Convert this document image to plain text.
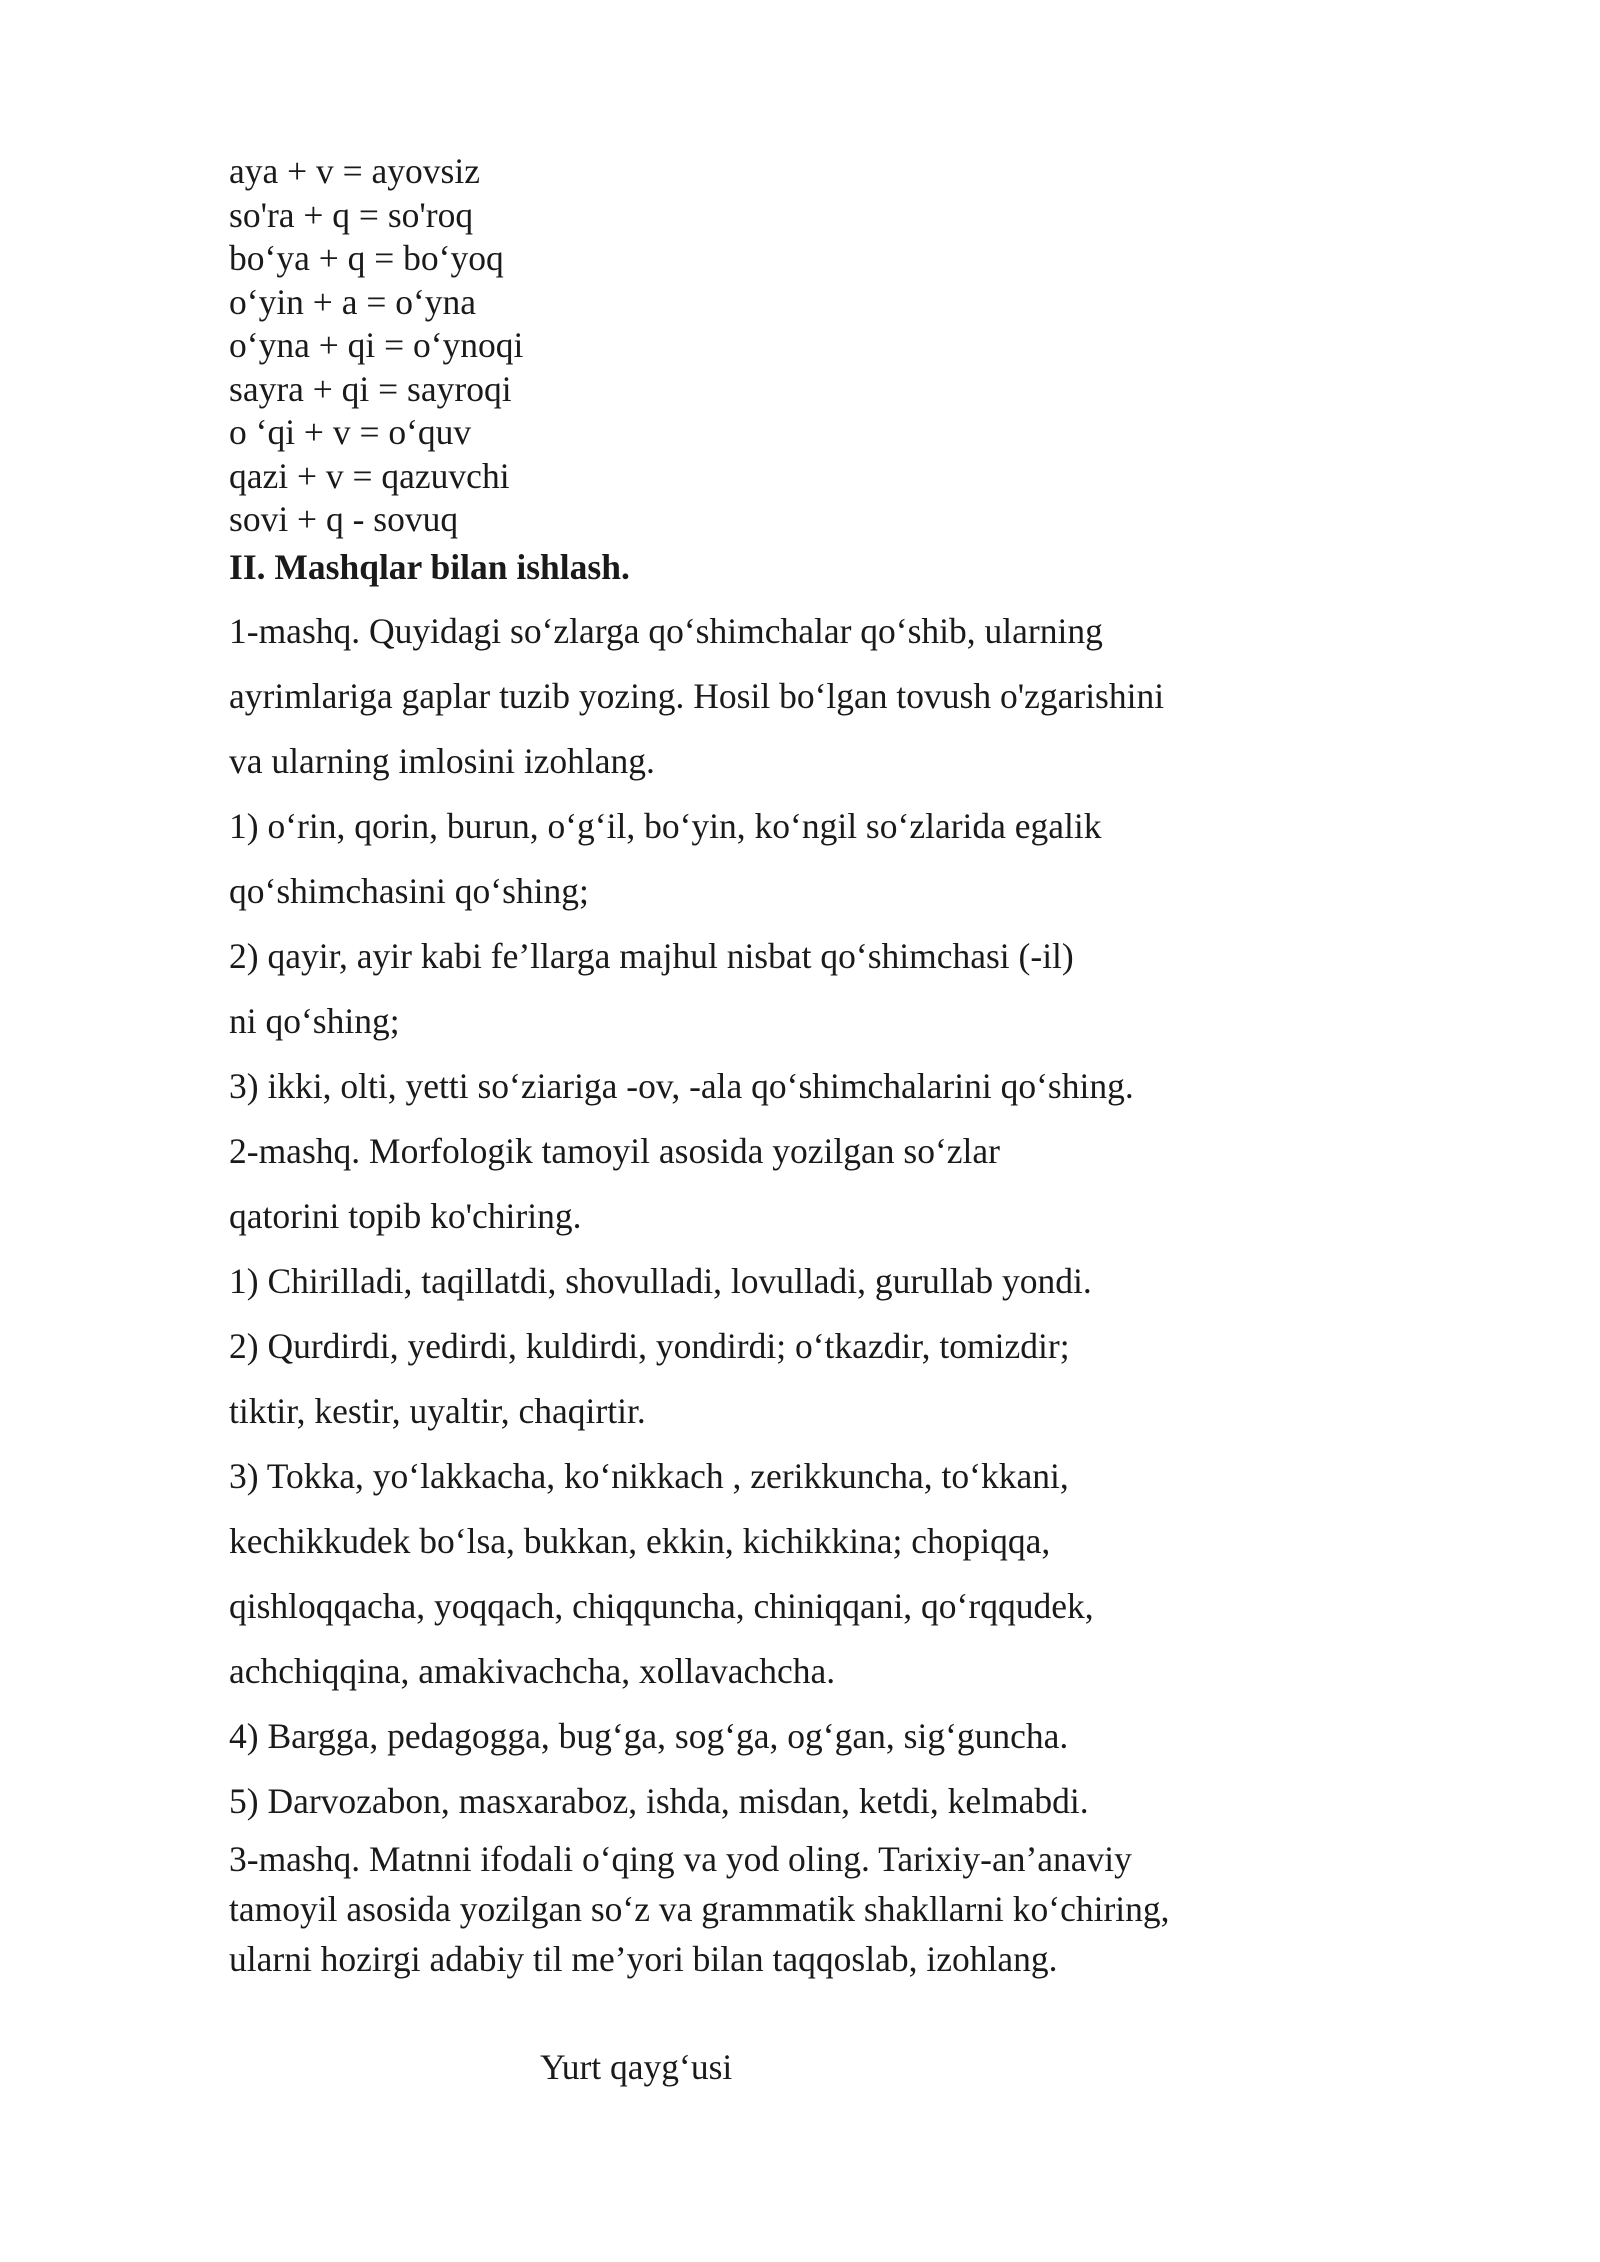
aya + v = ayovsiz
so'ra + q = so'roq
bo‘ya + q = bo‘yoq
o‘yin + a = o‘yna
o‘yna + qi = o‘ynoqi
sayra + qi = sayroqi
o ‘qi + v = o‘quv
qazi + v = qazuvchi
sovi + q - sovuq
II. Mashqlar bilan ishlash.
1-mashq. Quyidagi so‘zlarga qo‘shimchalar qo‘shib, ularning
ayrimlariga gaplar tuzib yozing. Hosil bo‘lgan tovush o'zgarishini
va ularning imlosini izohlang.
1) o‘rin, qorin, burun, o‘g‘il, bo‘yin, ko‘ngil so‘zlarida egalik
qo‘shimchasini qo‘shing;
2) qayir, ayir kabi fe’llarga majhul nisbat qo‘shimchasi (-il)
ni qo‘shing;
3) ikki, olti, yetti so‘ziariga -ov, -ala qo‘shimchalarini qo‘shing.
2-mashq. Morfologik tamoyil asosida yozilgan so‘zlar
qatorini topib ko'chiring.
1) Chirilladi, taqillatdi, shovulladi, lovulladi, gurullab yondi.
2) Qurdirdi, yedirdi, kuldirdi, yondirdi; o‘tkazdir, tomizdir;
tiktir, kestir, uyaltir, chaqirtir.
3) Tokka, yo‘lakkacha, ko‘nikkach , zerikkuncha, to‘kkani,
kechikkudek bo‘lsa, bukkan, ekkin, kichikkina; chopiqqa,
qishloqqacha, yoqqach, chiqquncha, chiniqqani, qo‘rqqudek,
achchiqqina, amakivachcha, xollavachcha.
4) Bargga, pedagogga, bug‘ga, sog‘ga, og‘gan, sig‘guncha.
5) Darvozabon, masxaraboz, ishda, misdan, ketdi, kelmabdi.
3-mashq. Matnni ifodali o‘qing va yod oling. Tarixiy-an’anaviy
tamoyil asosida yozilgan so‘z va grammatik shakllarni ko‘chiring,
ularni hozirgi adabiy til me’yori bilan taqqoslab, izohlang.
Yurt qayg‘usi
